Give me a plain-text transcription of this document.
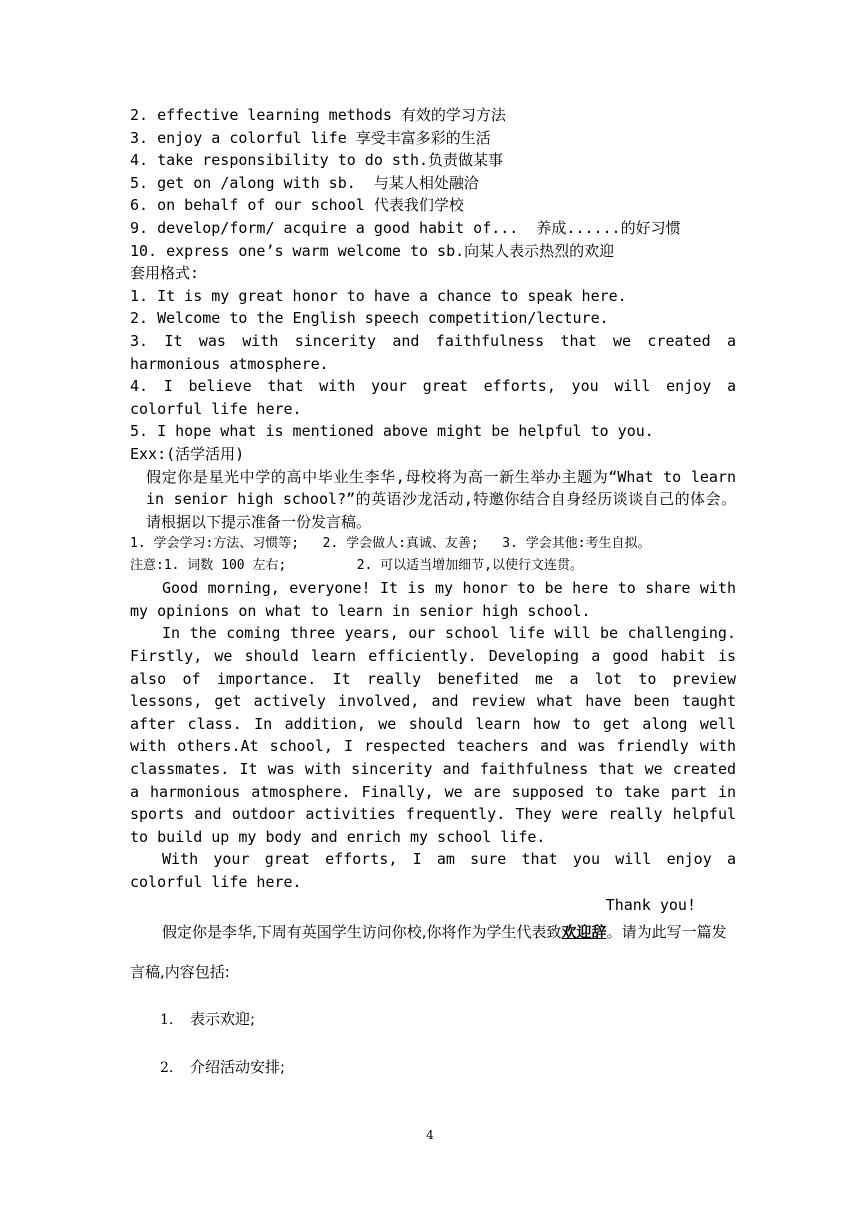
2. effective learning methods 有效的学习方法
3. enjoy a colorful life 享受丰富多彩的生活
4. take responsibility to do sth.负责做某事
5. get on /along with sb.  与某人相处融洽
6. on behalf of our school 代表我们学校
9. develop/form/ acquire a good habit of...  养成......的好习惯
10. express one’s warm welcome to sb.向某人表示热烈的欢迎
套用格式:
1. It is my great honor to have a chance to speak here.
2. Welcome to the English speech competition/lecture.
3. It was with sincerity and faithfulness that we created a harmonious atmosphere.
4. I believe that with your great efforts, you will enjoy a colorful life here.
5. I hope what is mentioned above might be helpful to you.
Exx:(活学活用)
假定你是星光中学的高中毕业生李华,母校将为高一新生举办主题为“What to learn in senior high school?”的英语沙龙活动,特邀你结合自身经历谈谈自己的体会。请根据以下提示准备一份发言稿。
1. 学会学习:方法、习惯等;   2. 学会做人:真诚、友善;   3. 学会其他:考生自拟。
注意:1. 词数 100 左右;         2. 可以适当增加细节,以使行文连贯。
Good morning, everyone! It is my honor to be here to share with my opinions on what to learn in senior high school.
In the coming three years, our school life will be challenging. Firstly, we should learn efficiently. Developing a good habit is also of importance. It really benefited me a lot to preview lessons, get actively involved, and review what have been taught after class. In addition, we should learn how to get along well with others.At school, I respected teachers and was friendly with classmates. It was with sincerity and faithfulness that we created a harmonious atmosphere. Finally, we are supposed to take part in sports and outdoor activities frequently. They were really helpful to build up my body and enrich my school life.
With your great efforts, I am sure that you will enjoy a colorful life here.
Thank you!
假定你是李华,下周有英国学生访问你校,你将作为学生代表致欢迎辞。请为此写一篇发言稿,内容包括:
1. 表示欢迎;
2. 介绍活动安排;
4
